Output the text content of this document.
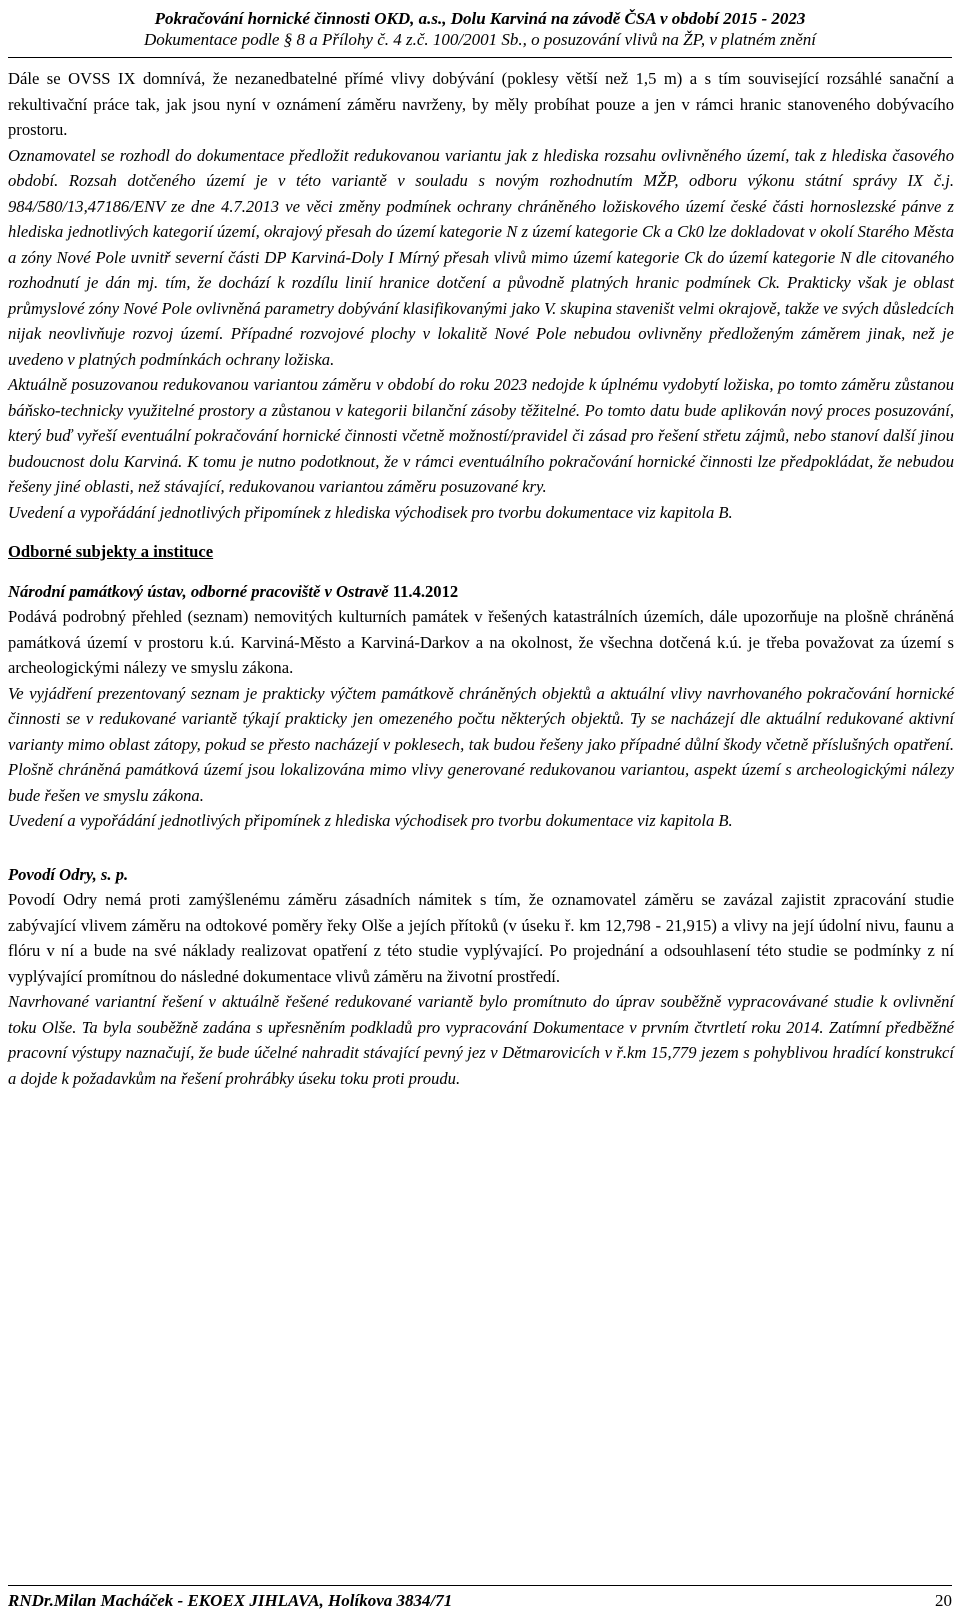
Pokračování hornické činnosti OKD, a.s., Dolu Karviná na závodě ČSA v období 2015 - 2023
Dokumentace podle § 8 a Přílohy č. 4 z.č. 100/2001 Sb., o posuzování vlivů na ŽP, v platném znění

Dále se OVSS IX domnívá, že nezanedbatelné přímé vlivy dobývání (poklesy větší než 1,5 m) a s tím související rozsáhlé sanační a rekultivační práce tak, jak jsou nyní v oznámení záměru navrženy, by měly probíhat pouze a jen v rámci hranic stanoveného dobývacího prostoru.

Oznamovatel se rozhodl do dokumentace předložit redukovanou variantu jak z hlediska rozsahu ovlivněného území, tak z hlediska časového období. Rozsah dotčeného území je v této variantě v souladu s novým rozhodnutím MŽP, odboru výkonu státní správy IX č.j. 984/580/13,47186/ENV ze dne 4.7.2013 ve věci změny podmínek ochrany chráněného ložiskového území české části hornoslezské pánve z hlediska jednotlivých kategorií území, okrajový přesah do území kategorie N z území kategorie Ck a Ck0 lze dokladovat v okolí Starého Města a zóny Nové Pole uvnitř severní části DP Karviná-Doly I Mírný přesah vlivů mimo území kategorie Ck do území kategorie N dle citovaného rozhodnutí je dán mj. tím, že dochází k rozdílu linií hranice dotčení a původně platných hranic podmínek Ck. Prakticky však je oblast průmyslové zóny Nové Pole ovlivněná parametry dobývání klasifikovanými jako V. skupina staveništ velmi okrajově, takže ve svých důsledcích nijak neovlivňuje rozvoj území. Případné rozvojové plochy v lokalitě Nové Pole nebudou ovlivněny předloženým záměrem jinak, než je uvedeno v platných podmínkách ochrany ložiska.

Aktuálně posuzovanou redukovanou variantou záměru v období do roku 2023 nedojde k úplnému vydobytí ložiska, po tomto záměru zůstanou báňsko-technicky využitelné prostory a zůstanou v kategorii bilanční zásoby těžitelné. Po tomto datu bude aplikován nový proces posuzování, který buď vyřeší eventuální pokračování hornické činnosti včetně možností/pravidel či zásad pro řešení střetu zájmů, nebo stanoví další jinou budoucnost dolu Karviná. K tomu je nutno podotknout, že v rámci eventuálního pokračování hornické činnosti lze předpokládat, že nebudou řešeny jiné oblasti, než stávající, redukovanou variantou záměru posuzované kry.

Uvedení a vypořádání jednotlivých připomínek z hlediska východisek pro tvorbu dokumentace viz kapitola B.

Odborné subjekty a instituce

Národní památkový ústav, odborné pracoviště v Ostravě 11.4.2012

Podává podrobný přehled (seznam) nemovitých kulturních památek v řešených katastrálních územích, dále upozorňuje na plošně chráněná památková území v prostoru k.ú. Karviná-Město a Karviná-Darkov a na okolnost, že všechna dotčená k.ú. je třeba považovat za území s archeologickými nálezy ve smyslu zákona.

Ve vyjádření prezentovaný seznam je prakticky výčtem památkově chráněných objektů a aktuální vlivy navrhovaného pokračování hornické činnosti se v redukované variantě týkají prakticky jen omezeného počtu některých objektů. Ty se nacházejí dle aktuální redukované aktivní varianty mimo oblast zátopy, pokud se přesto nacházejí v poklesech, tak budou řešeny jako případné důlní škody včetně příslušných opatření. Plošně chráněná památková území jsou lokalizována mimo vlivy generované redukovanou variantou, aspekt území s archeologickými nálezy bude řešen ve smyslu zákona.

Uvedení a vypořádání jednotlivých připomínek z hlediska východisek pro tvorbu dokumentace viz kapitola B.

Povodí Odry, s. p.

Povodí Odry nemá proti zamýšlenému záměru zásadních námitek s tím, že oznamovatel záměru se zavázal zajistit zpracování studie zabývající vlivem záměru na odtokové poměry řeky Olše a jejích přítoků (v úseku ř. km 12,798 - 21,915) a vlivy na její údolní nivu, faunu a flóru v ní a bude na své náklady realizovat opatření z této studie vyplývající. Po projednání a odsouhlasení této studie se podmínky z ní vyplývající promítnou do následné dokumentace vlivů záměru na životní prostředí.

Navrhované variantní řešení v aktuálně řešené redukované variantě bylo promítnuto do úprav souběžně vypracovávané studie k ovlivnění toku Olše. Ta byla souběžně zadána s upřesněním podkladů pro vypracování Dokumentace v prvním čtvrtletí roku 2014. Zatímní předběžné pracovní výstupy naznačují, že bude účelné nahradit stávající pevný jez v Dětmarovicích v ř.km 15,779 jezem s pohyblivou hradící konstrukcí a dojde k požadavkům na řešení prohrábky úseku toku proti proudu.

RNDr.Milan Macháček - EKOEX JIHLAVA, Holíkova 3834/71	20
